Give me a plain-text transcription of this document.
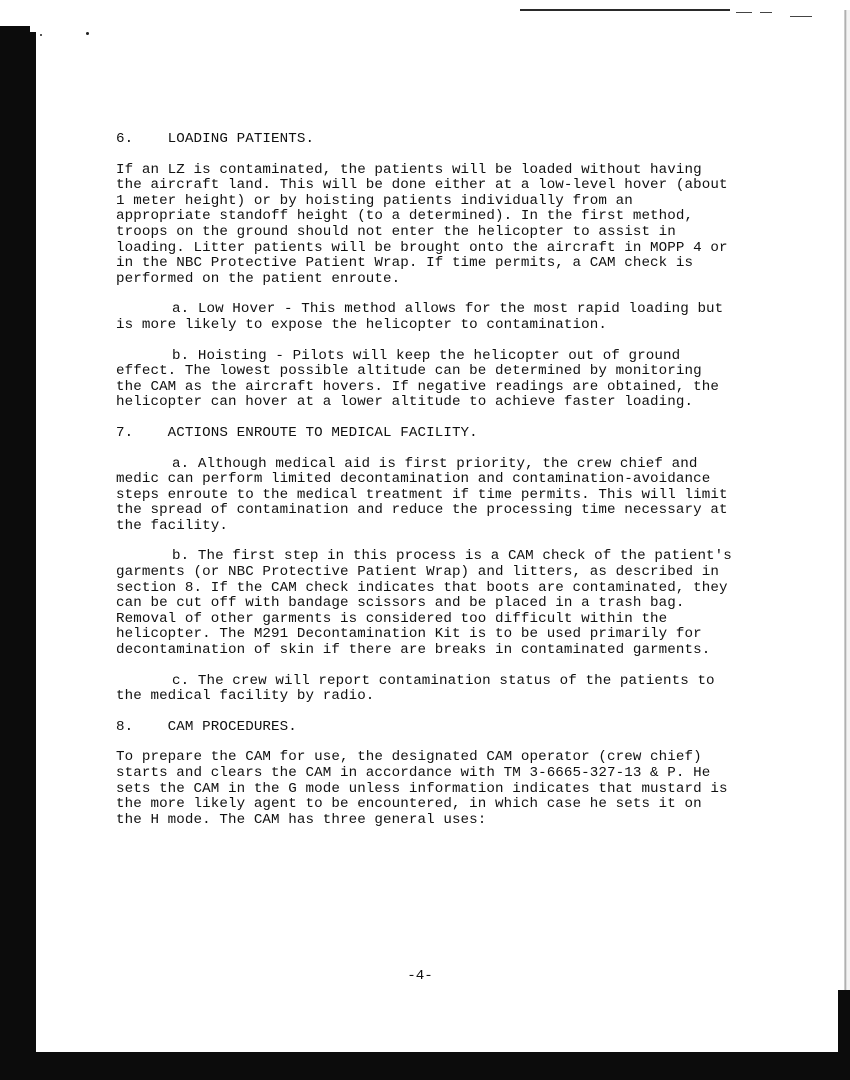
6.    LOADING PATIENTS.

If an LZ is contaminated, the patients will be loaded without having the aircraft land. This will be done either at a low-level hover (about 1 meter height) or by hoisting patients individually from an appropriate standoff height (to a determined). In the first method, troops on the ground should not enter the helicopter to assist in loading. Litter patients will be brought onto the aircraft in MOPP 4 or in the NBC Protective Patient Wrap. If time permits, a CAM check is performed on the patient enroute.

a. Low Hover - This method allows for the most rapid loading but is more likely to expose the helicopter to contamination.

b. Hoisting - Pilots will keep the helicopter out of ground effect. The lowest possible altitude can be determined by monitoring the CAM as the aircraft hovers. If negative readings are obtained, the helicopter can hover at a lower altitude to achieve faster loading.

7.    ACTIONS ENROUTE TO MEDICAL FACILITY.

a. Although medical aid is first priority, the crew chief and medic can perform limited decontamination and contamination-avoidance steps enroute to the medical treatment if time permits. This will limit the spread of contamination and reduce the processing time necessary at the facility.

b. The first step in this process is a CAM check of the patient's garments (or NBC Protective Patient Wrap) and litters, as described in section 8. If the CAM check indicates that boots are contaminated, they can be cut off with bandage scissors and be placed in a trash bag. Removal of other garments is considered too difficult within the helicopter. The M291 Decontamination Kit is to be used primarily for decontamination of skin if there are breaks in contaminated garments.

c. The crew will report contamination status of the patients to the medical facility by radio.

8.    CAM PROCEDURES.

To prepare the CAM for use, the designated CAM operator (crew chief) starts and clears the CAM in accordance with TM 3-6665-327-13 & P. He sets the CAM in the G mode unless information indicates that mustard is the more likely agent to be encountered, in which case he sets it on the H mode. The CAM has three general uses:

-4-
